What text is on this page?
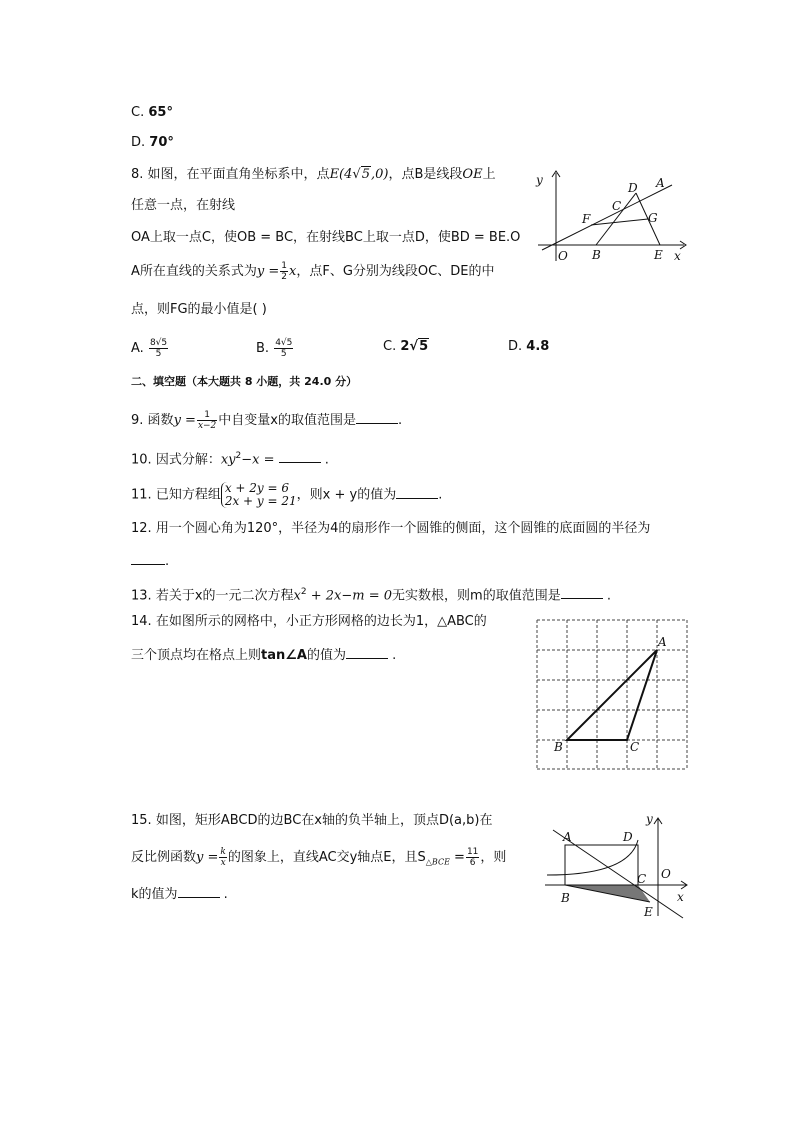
C. 65°
D. 70°
8. 如图，在平面直角坐标系中，点E(4√5,0)，点B是线段OE上
任意一点，在射线
OA上取一点C，使OB = BC，在射线BC上取一点D，使BD = BE.O
A所在直线的关系式为$y = \frac{1}{2}$ x，点F、G分别为线段OC、DE的中
点，则FG的最小值是( )
A. $\frac{8√5}{5}$	B. $\frac{4√5}{5}$	C. 2√5	D. 4.8
y
x
O B	E
A
D
C
F	G
二、填空题（本大题共 8 小题，共 24.0 分）
9. 函数$y = \frac{1}{x-2}$ 中自变量x的取值范围是	.
10. 因式分解：$xy^2-x$ =	.
11. 已知方程组 x + 2y = 6
2x + y = 21 ，则x + y的值为	.
12. 用一个圆心角为120°，半径为4的扇形作一个圆锥的侧面，这个圆锥的底面圆的半径为
.
13. 若关于x的一元二次方程$x^2 + 2x-m = 0$无实数根，则m的取值范围是	.
14. 在如图所示的网格中，小正方形网格的边长为1，△ABC的
三个顶点均在格点上则tan∠A的值为	.
A
B	C
15. 如图，矩形ABCD的边BC在x轴的负半轴上，顶点D(a,b)在
反比例函数$y = \frac{k}{x}$ 的图象上，直线AC交y轴点E，且$S_{\triangle BCE} = \frac{11}{6}$ ，则
k的值为	.
A	D
y
O
C
x
B
E
